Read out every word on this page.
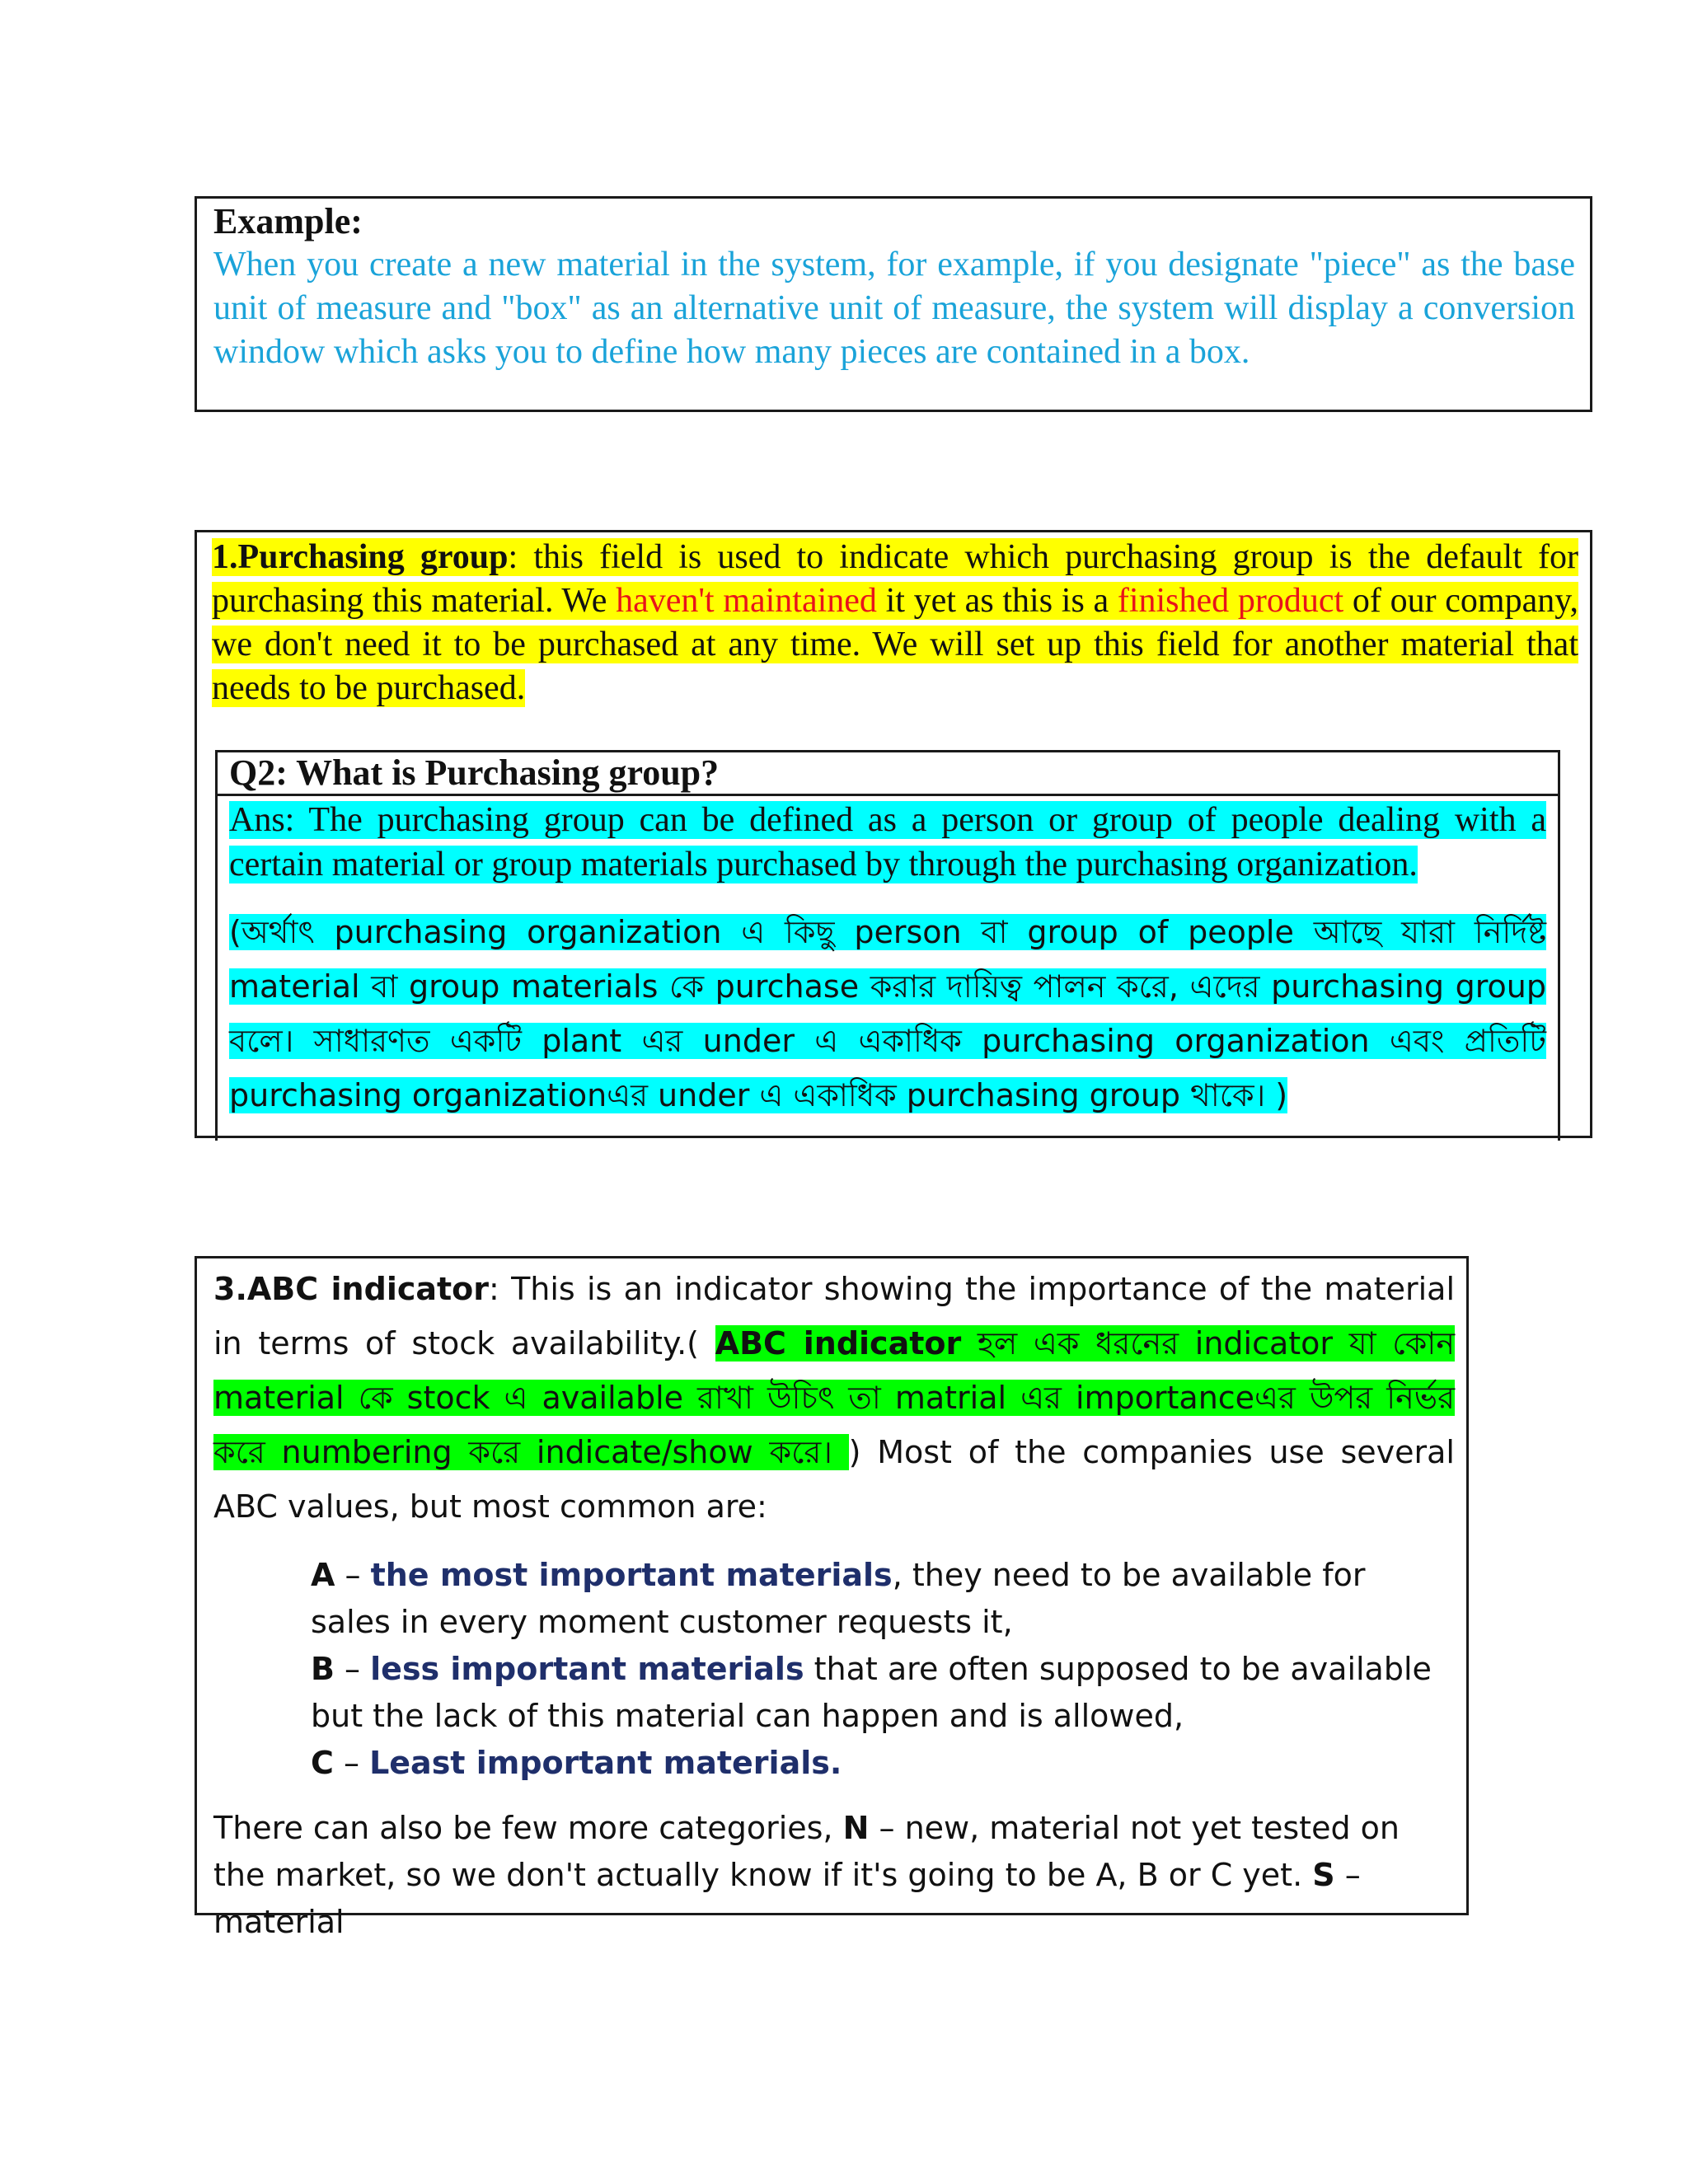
Example:
When you create a new material in the system, for example, if you designate "piece" as the base unit of measure and "box" as an alternative unit of measure, the system will display a conversion window which asks you to define how many pieces are contained in a box.
1.Purchasing group: this field is used to indicate which purchasing group is the default for purchasing this material. We haven't maintained it yet as this is a finished product of our company, we don't need it to be purchased at any time. We will set up this field for another material that needs to be purchased.
Q2: What is Purchasing group?
Ans: The purchasing group can be defined as a person or group of people dealing with a certain material or group materials purchased by through the purchasing organization.
(অর্থাৎ purchasing organization এ কিছু person বা group of people আছে যারা নির্দিষ্ট material বা group materials কে purchase করার দায়িত্ব পালন করে, এদের purchasing group বলে। সাধারণত একটি plant এর under এ একাধিক purchasing organization এবং প্রতিটি purchasing organizationএর under এ একাধিক purchasing group থাকে। )
3.ABC indicator: This is an indicator showing the importance of the material in terms of stock availability.( ABC indicator হল এক ধরনের indicator যা কোন material কে stock এ available রাখা উচিৎ তা matrial এর importanceএর উপর নির্ভর করে numbering করে indicate/show করে। ) Most of the companies use several ABC values, but most common are:
A – the most important materials, they need to be available for sales in every moment customer requests it,
B – less important materials that are often supposed to be available but the lack of this material can happen and is allowed,
C – Least important materials.
There can also be few more categories, N – new, material not yet tested on the market, so we don't actually know if it's going to be A, B or C yet. S – material
